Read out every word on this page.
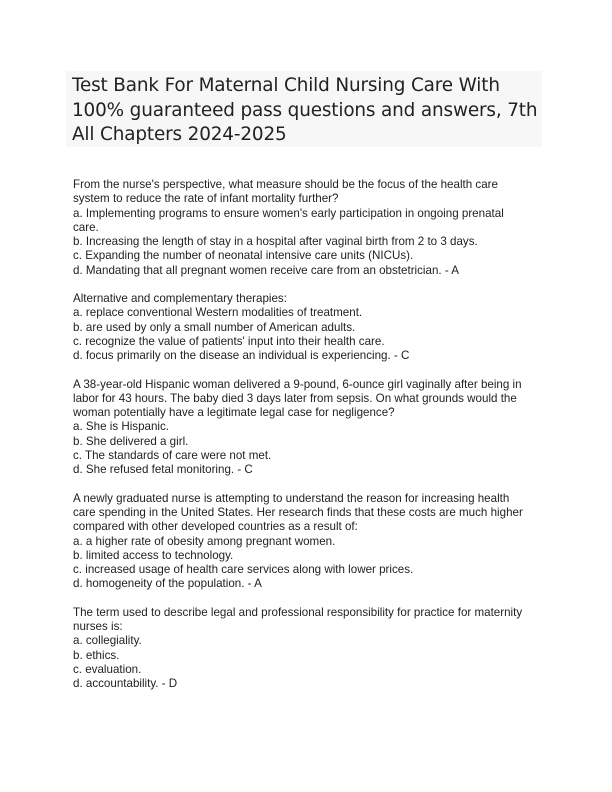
Test Bank For Maternal Child Nursing Care With
100% guaranteed pass questions and answers, 7th
All Chapters 2024-2025
From the nurse's perspective, what measure should be the focus of the health care
system to reduce the rate of infant mortality further?
a. Implementing programs to ensure women's early participation in ongoing prenatal
care.
b. Increasing the length of stay in a hospital after vaginal birth from 2 to 3 days.
c. Expanding the number of neonatal intensive care units (NICUs).
d. Mandating that all pregnant women receive care from an obstetrician. - A
Alternative and complementary therapies:
a. replace conventional Western modalities of treatment.
b. are used by only a small number of American adults.
c. recognize the value of patients' input into their health care.
d. focus primarily on the disease an individual is experiencing. - C
A 38-year-old Hispanic woman delivered a 9-pound, 6-ounce girl vaginally after being in
labor for 43 hours. The baby died 3 days later from sepsis. On what grounds would the
woman potentially have a legitimate legal case for negligence?
a. She is Hispanic.
b. She delivered a girl.
c. The standards of care were not met.
d. She refused fetal monitoring. - C
A newly graduated nurse is attempting to understand the reason for increasing health
care spending in the United States. Her research finds that these costs are much higher
compared with other developed countries as a result of:
a. a higher rate of obesity among pregnant women.
b. limited access to technology.
c. increased usage of health care services along with lower prices.
d. homogeneity of the population. - A
The term used to describe legal and professional responsibility for practice for maternity
nurses is:
a. collegiality.
b. ethics.
c. evaluation.
d. accountability. - D
